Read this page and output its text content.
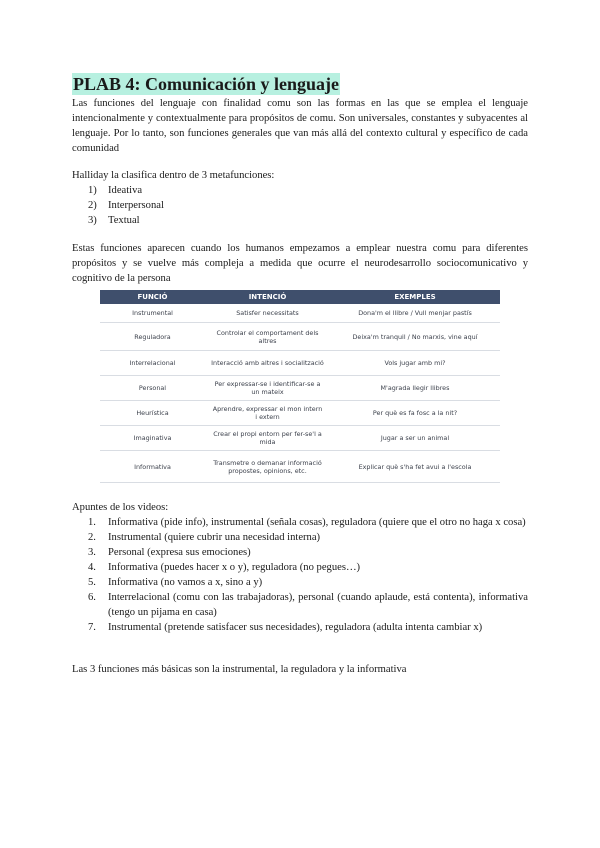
PLAB 4: Comunicación y lenguaje

Las funciones del lenguaje con finalidad comu son las formas en las que se emplea el lenguaje intencionalmente y contextualmente para propósitos de comu. Son universales, constantes y subyacentes al lenguaje. Por lo tanto, son funciones generales que van más allá del contexto cultural y específico de cada comunidad

Halliday la clasifica dentro de 3 metafunciones:

1) Ideativa
2) Interpersonal
3) Textual

Estas funciones aparecen cuando los humanos empezamos a emplear nuestra comu para diferentes propósitos y se vuelve más compleja a medida que ocurre el neurodesarrollo sociocomunicativo y cognitivo de la persona

FUNCIÓ	INTENCIÓ	EXEMPLES
Instrumental	Satisfer necessitats	Dona'm el llibre / Vull menjar pastís
Reguladora	Controlar el comportament dels altres	Deixa'm tranquil / No marxis, vine aquí
Interrelacional	Interacció amb altres i socialització	Vols jugar amb mi?
Personal	Per expressar-se i identificar-se a un mateix	M'agrada llegir llibres
Heurística	Aprendre, expressar el mon intern i extern	Per què es fa fosc a la nit?
Imaginativa	Crear el propi entorn per fer-se'l a mida	Jugar a ser un animal
Informativa	Transmetre o demanar informació propostes, opinions, etc.	Explicar què s'ha fet avui a l'escola

Apuntes de los videos:

1. Informativa (pide info), instrumental (señala cosas), reguladora (quiere que el otro no haga x cosa)
2. Instrumental (quiere cubrir una necesidad interna)
3. Personal (expresa sus emociones)
4. Informativa (puedes hacer x o y), reguladora (no pegues…)
5. Informativa (no vamos a x, sino a y)
6. Interrelacional (comu con las trabajadoras), personal (cuando aplaude, está contenta), informativa (tengo un pijama en casa)
7. Instrumental (pretende satisfacer sus necesidades), reguladora (adulta intenta cambiar x)

Las 3 funciones más básicas son la instrumental, la reguladora y la informativa
